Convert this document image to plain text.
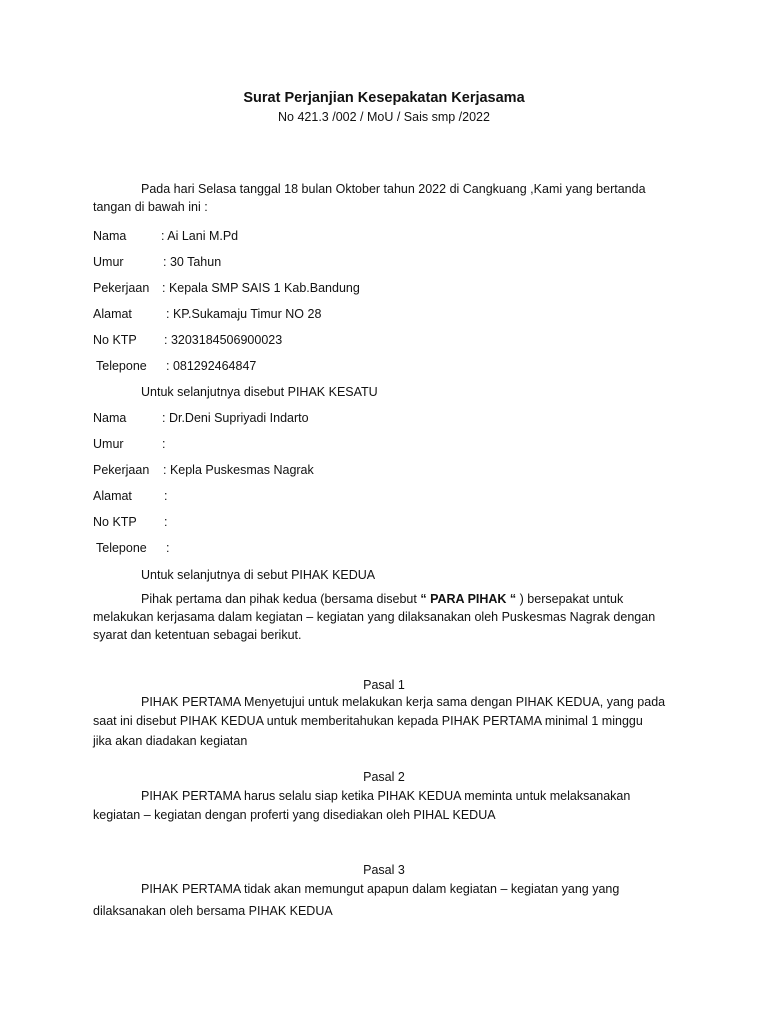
Surat Perjanjian Kesepakatan Kerjasama
No 421.3 /002 / MoU / Sais smp /2022
Pada hari Selasa tanggal 18 bulan Oktober tahun 2022 di Cangkuang ,Kami yang bertanda
tangan di bawah ini :
Nama	: Ai Lani M.Pd
Umur	: 30 Tahun
Pekerjaan : Kepala SMP SAIS 1 Kab.Bandung
Alamat	: KP.Sukamaju Timur NO 28
No KTP : 3203184506900023
Telepone : 081292464847
Untuk selanjutnya disebut PIHAK KESATU
Nama	: Dr.Deni Supriyadi Indarto
Umur	:
Pekerjaan : Kepla Puskesmas Nagrak
Alamat	:
No KTP :
Telepone :
Untuk selanjutnya di sebut PIHAK KEDUA
Pihak pertama dan pihak kedua (bersama disebut “ PARA PIHAK “ ) bersepakat untuk
melakukan kerjasama dalam kegiatan – kegiatan yang dilaksanakan oleh Puskesmas Nagrak dengan
syarat dan ketentuan sebagai berikut.
Pasal 1
PIHAK PERTAMA Menyetujui untuk melakukan kerja sama dengan PIHAK KEDUA, yang pada
saat ini disebut PIHAK KEDUA untuk memberitahukan kepada PIHAK PERTAMA minimal 1 minggu
jika akan diadakan kegiatan
Pasal 2
PIHAK PERTAMA harus selalu siap ketika PIHAK KEDUA meminta untuk melaksanakan
kegiatan – kegiatan dengan proferti yang disediakan oleh PIHAL KEDUA
Pasal 3
PIHAK PERTAMA tidak akan memungut apapun dalam kegiatan – kegiatan yang yang
dilaksanakan oleh bersama PIHAK KEDUA
